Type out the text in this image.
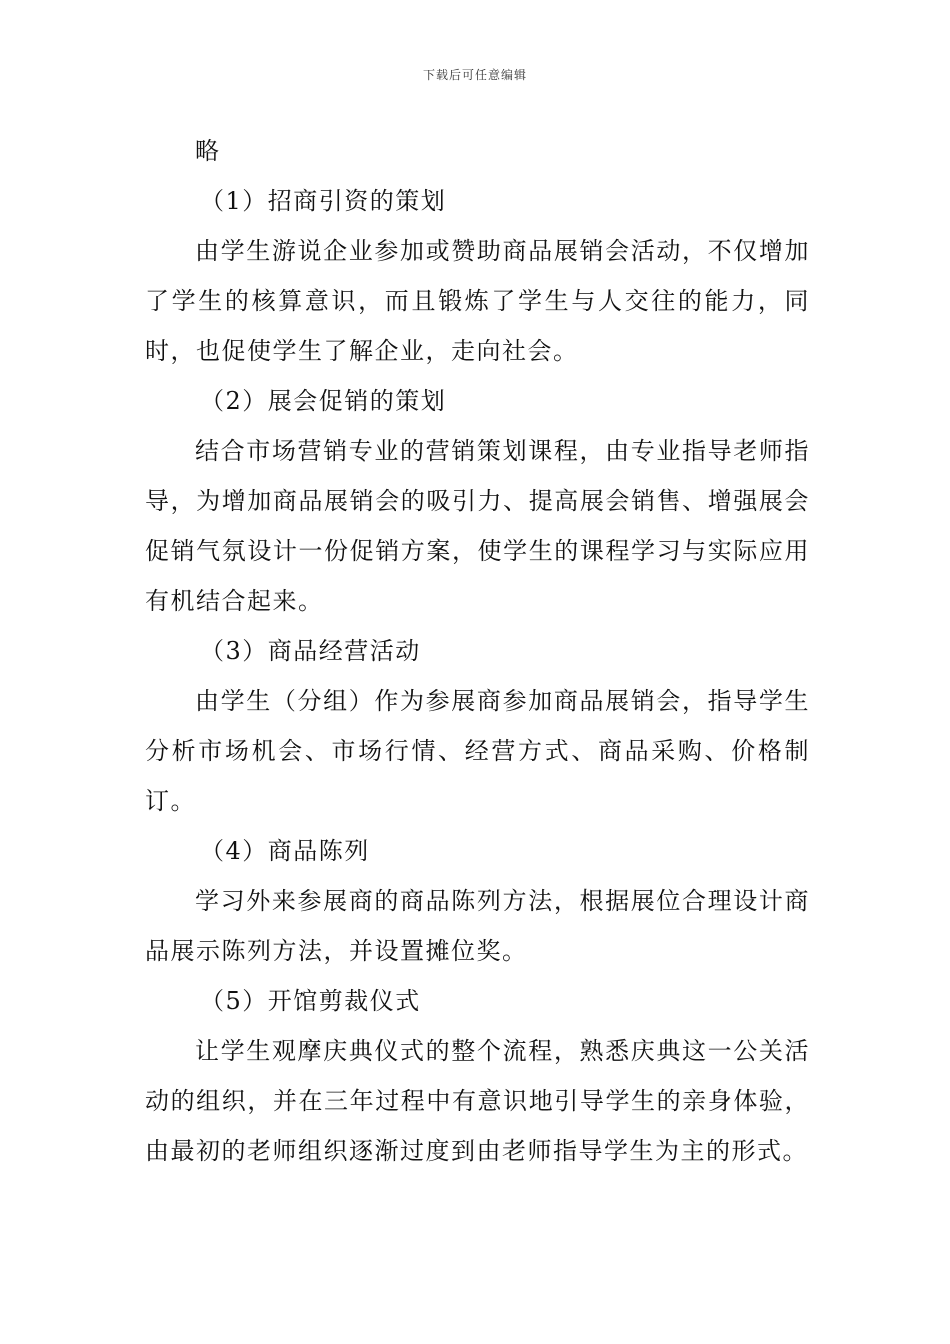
下载后可任意编辑

略

（1）招商引资的策划

由学生游说企业参加或赞助商品展销会活动，不仅增加了学生的核算意识，而且锻炼了学生与人交往的能力，同时，也促使学生了解企业，走向社会。

（2）展会促销的策划

结合市场营销专业的营销策划课程，由专业指导老师指导，为增加商品展销会的吸引力、提高展会销售、增强展会促销气氛设计一份促销方案，使学生的课程学习与实际应用有机结合起来。

（3）商品经营活动

由学生（分组）作为参展商参加商品展销会，指导学生分析市场机会、市场行情、经营方式、商品采购、价格制订。

（4）商品陈列

学习外来参展商的商品陈列方法，根据展位合理设计商品展示陈列方法，并设置摊位奖。

（5）开馆剪裁仪式

让学生观摩庆典仪式的整个流程，熟悉庆典这一公关活动的组织，并在三年过程中有意识地引导学生的亲身体验，由最初的老师组织逐渐过度到由老师指导学生为主的形式。
